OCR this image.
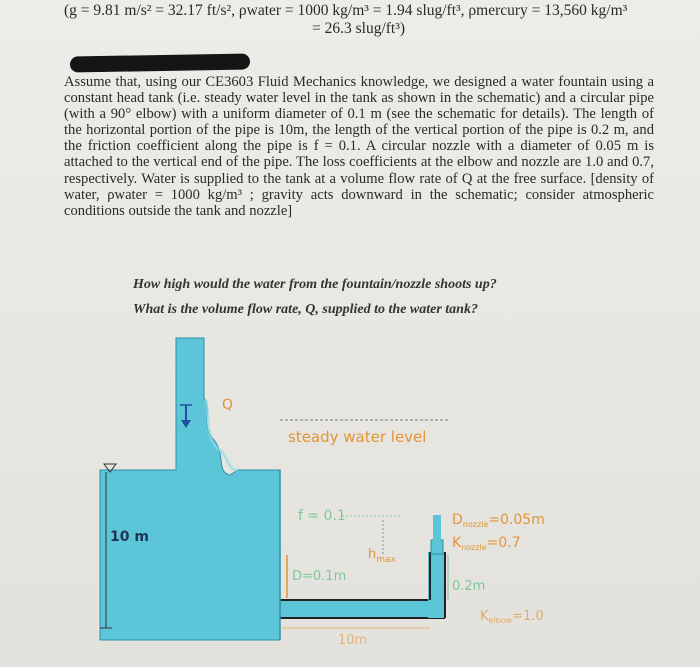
(g = 9.81 m/s² = 32.17 ft/s², ρwater = 1000 kg/m³ = 1.94 slug/ft³, ρmercury = 13,560 kg/m³
= 26.3 slug/ft³)
Assume that, using our CE3603 Fluid Mechanics knowledge, we designed a water fountain using a constant head tank (i.e. steady water level in the tank as shown in the schematic) and a circular pipe (with a 90° elbow) with a uniform diameter of 0.1 m (see the schematic for details). The length of the horizontal portion of the pipe is 10m, the length of the vertical portion of the pipe is 0.2 m, and the friction coefficient along the pipe is f = 0.1. A circular nozzle with a diameter of 0.05 m is attached to the vertical end of the pipe. The loss coefficients at the elbow and nozzle are 1.0 and 0.7, respectively. Water is supplied to the tank at a volume flow rate of Q at the free surface. [density of water, ρwater = 1000 kg/m³ ; gravity acts downward in the schematic; consider atmospheric conditions outside the tank and nozzle]
How high would the water from the fountain/nozzle shoots up?
What is the volume flow rate, Q, supplied to the water tank?
steady water level
Q
10 m
f = 0.1
$h_{max}$
D=0.1m
$D_{nozzle}=0.05m$
$K_{nozzle}=0.7$
0.2m
$K_{elbow}=1.0$
10m
